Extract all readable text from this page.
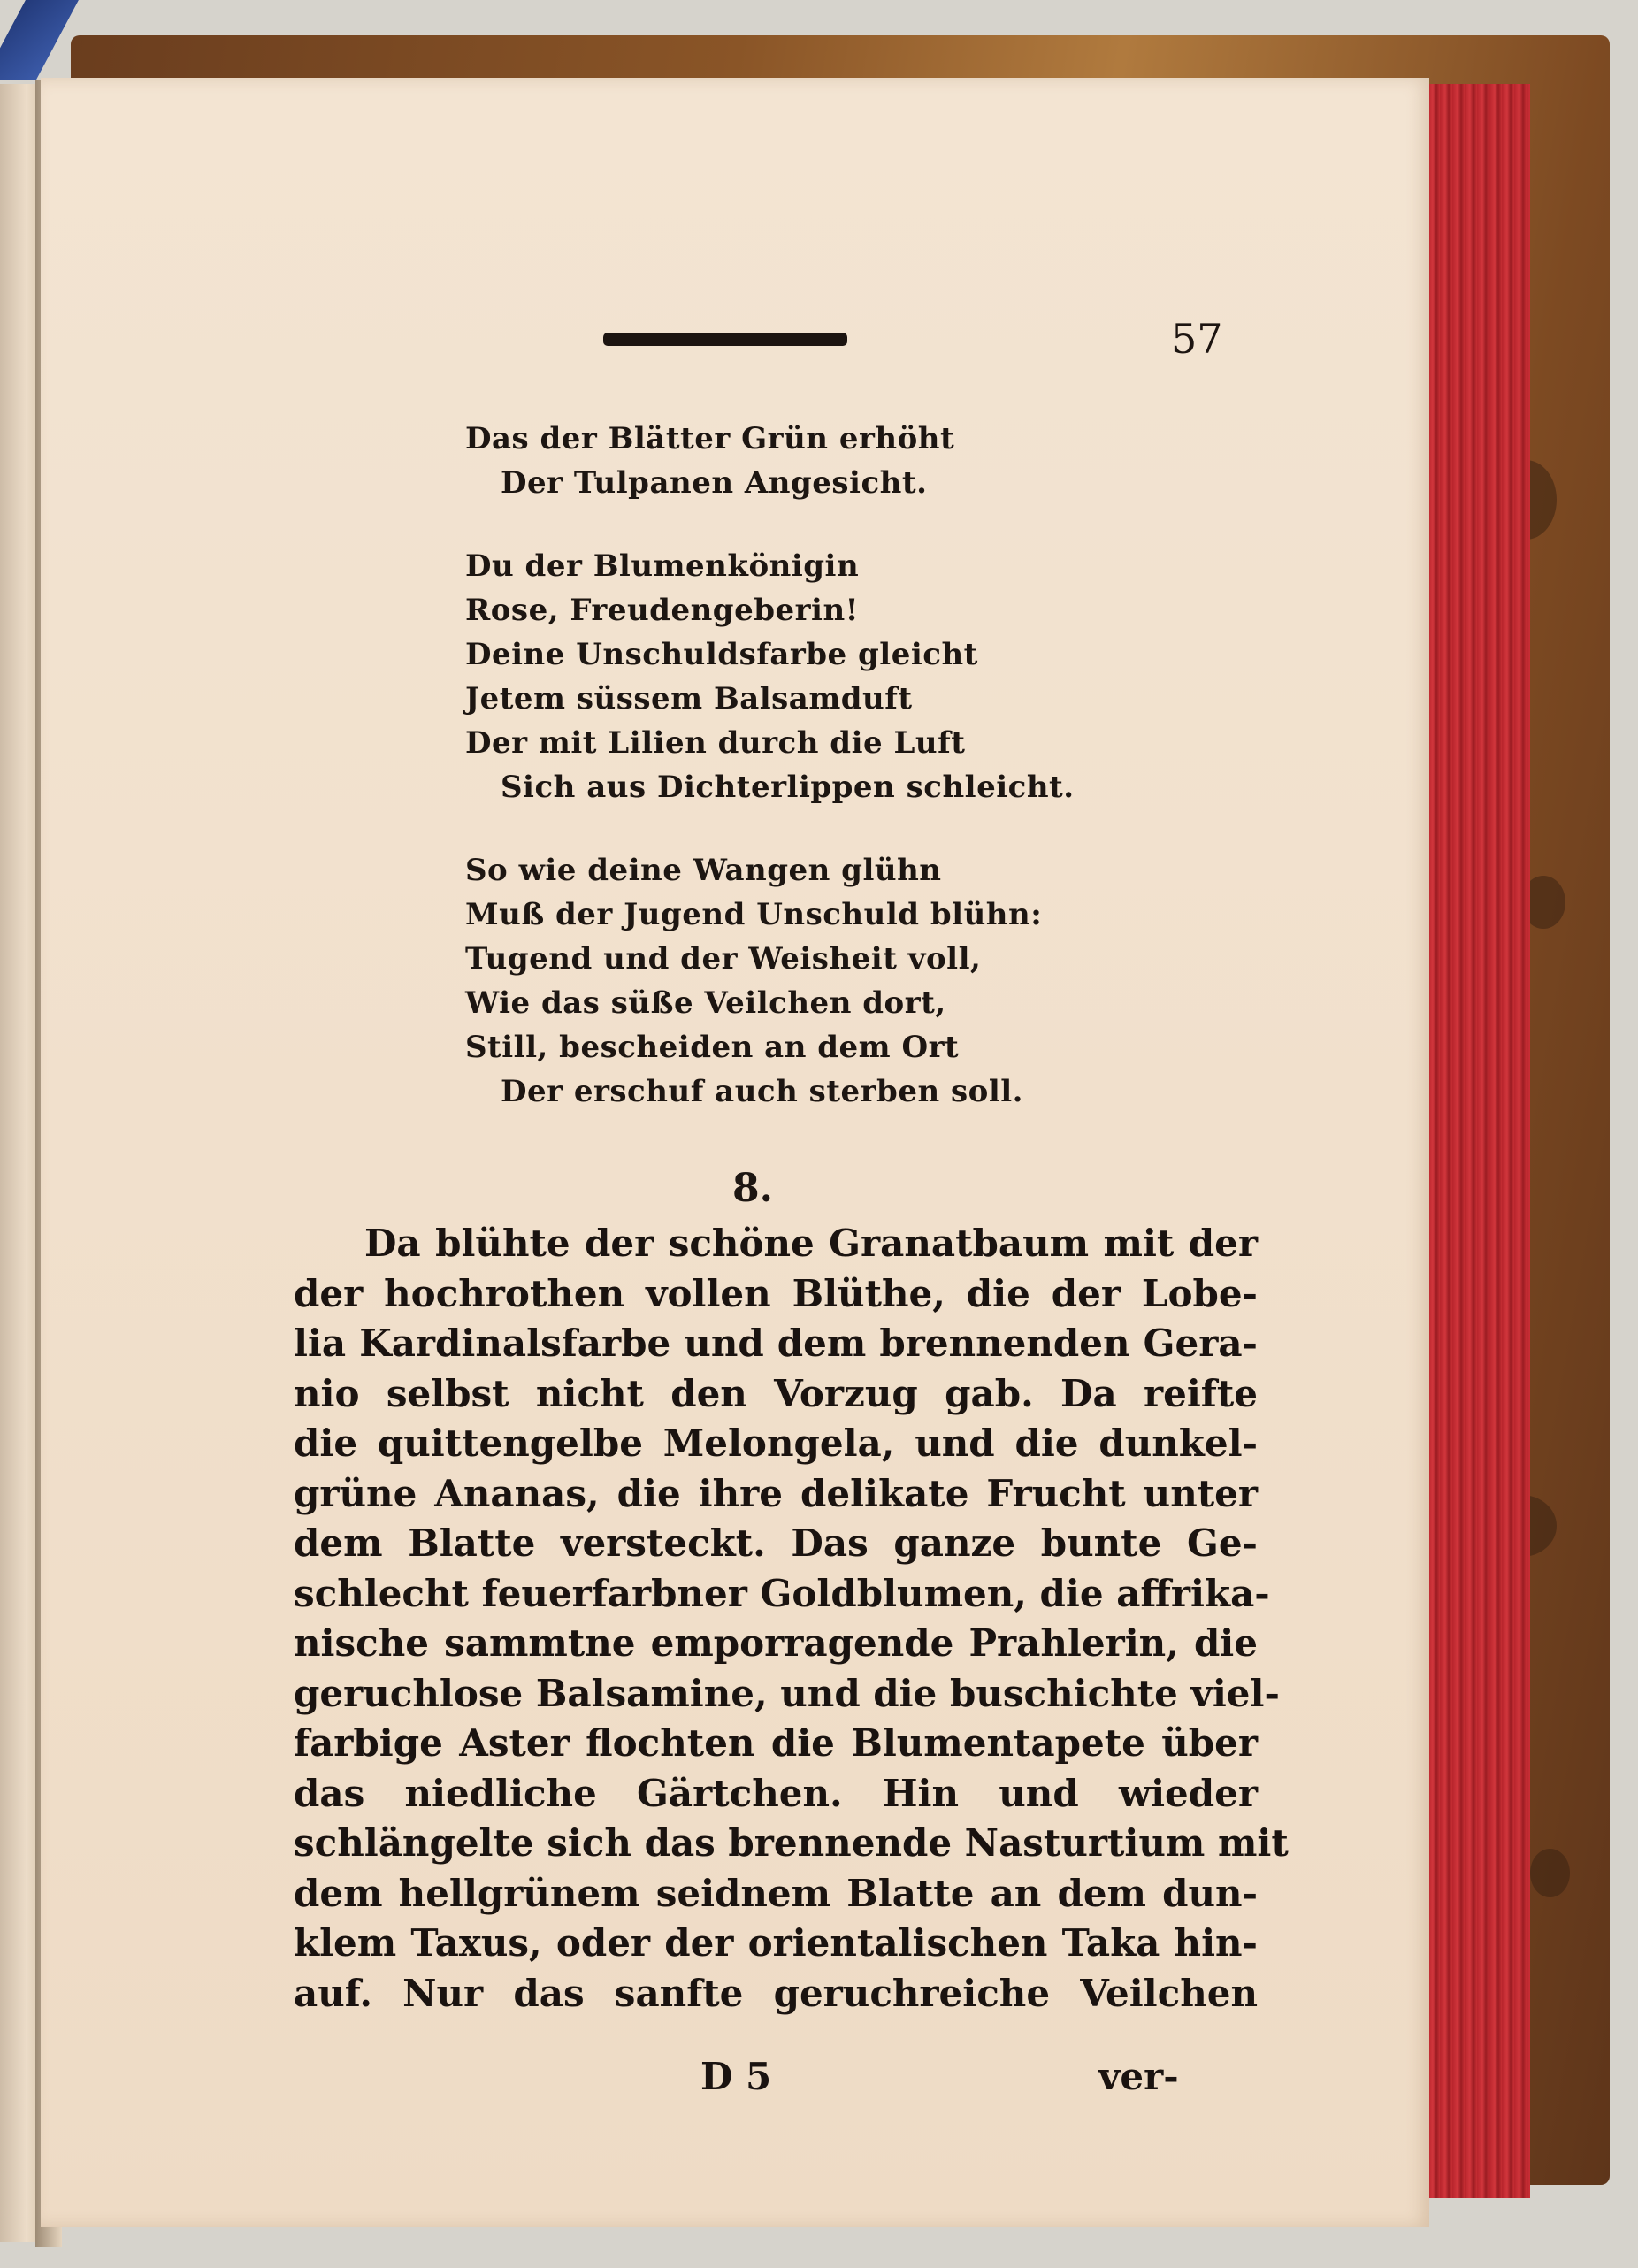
57
Das der Blätter Grün erhöht
Der Tulpanen Angesicht.
Du der Blumenkönigin
Rose, Freudengeberin!
Deine Unschuldsfarbe gleicht
Jetem süssem Balsamduft
Der mit Lilien durch die Luft
Sich aus Dichterlippen schleicht.
So wie deine Wangen glühn
Muß der Jugend Unschuld blühn:
Tugend und der Weisheit voll,
Wie das süße Veilchen dort,
Still, bescheiden an dem Ort
Der erschuf auch sterben soll.
8.
Da blühte der schöne Granatbaum mit der
der hochrothen vollen Blüthe, die der Lobe-
lia Kardinalsfarbe und dem brennenden Gera-
nio selbst nicht den Vorzug gab. Da reifte
die quittengelbe Melongela, und die dunkel-
grüne Ananas, die ihre delikate Frucht unter
dem Blatte versteckt. Das ganze bunte Ge-
schlecht feuerfarbner Goldblumen, die affrika-
nische sammtne emporragende Prahlerin, die
geruchlose Balsamine, und die buschichte viel-
farbige Aster flochten die Blumentapete über
das niedliche Gärtchen. Hin und wieder
schlängelte sich das brennende Nasturtium mit
dem hellgrünem seidnem Blatte an dem dun-
klem Taxus, oder der orientalischen Taka hin-
auf. Nur das sanfte geruchreiche Veilchen
D 5	ver-
